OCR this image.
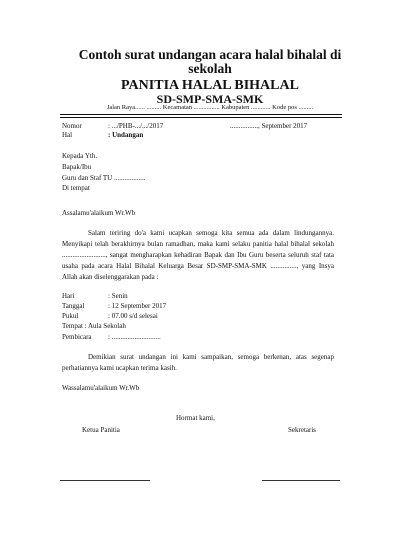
Contoh surat undangan acara halal bihalal di sekolah
PANITIA HALAL BIHALAL
SD-SMP-SMA-SMK
Jalan Raya...... ......... Kecamatan ................ Kabupaten ............ Kode pos .........
Nomor	: .../PHB-.../.../2017	................, September 2017
Hal	: Undangan
Kepada Yth.
Bapak/Ibu
Guru dan Staf TU ..................
Di tempat
Assalamu'alaikum Wr.Wb
Salam teriring do'a kami ucapkan semoga kita semua ada dalam lindungannya. Menyikapi telah berakhirnya bulan ramadhan, maka kami selaku panitia halal bihalal sekolah ........................., sangat mengharapkan kehadiran Bapak dan Ibu Guru beserta seluruh staf tata usaha pada acara Halal Bihalal Keluarga Besar SD-SMP-SMA-SMK ..............., yang Insya Allah akan diselenggarakan pada :
Hari	: Senin
Tanggal	: 12 September 2017
Pukul	: 07.00 s/d selesai
Tempat : Aula Sekolah
Pembicara : ............................
Demikian surat undangan ini kami sampaikan, semoga berkenan, atas segenap perhatiannya kami ucapkan terima kasih.
Wassalamu'alaikum Wr.Wb
Hormat kami,
Ketua Panitia	Sekretaris
